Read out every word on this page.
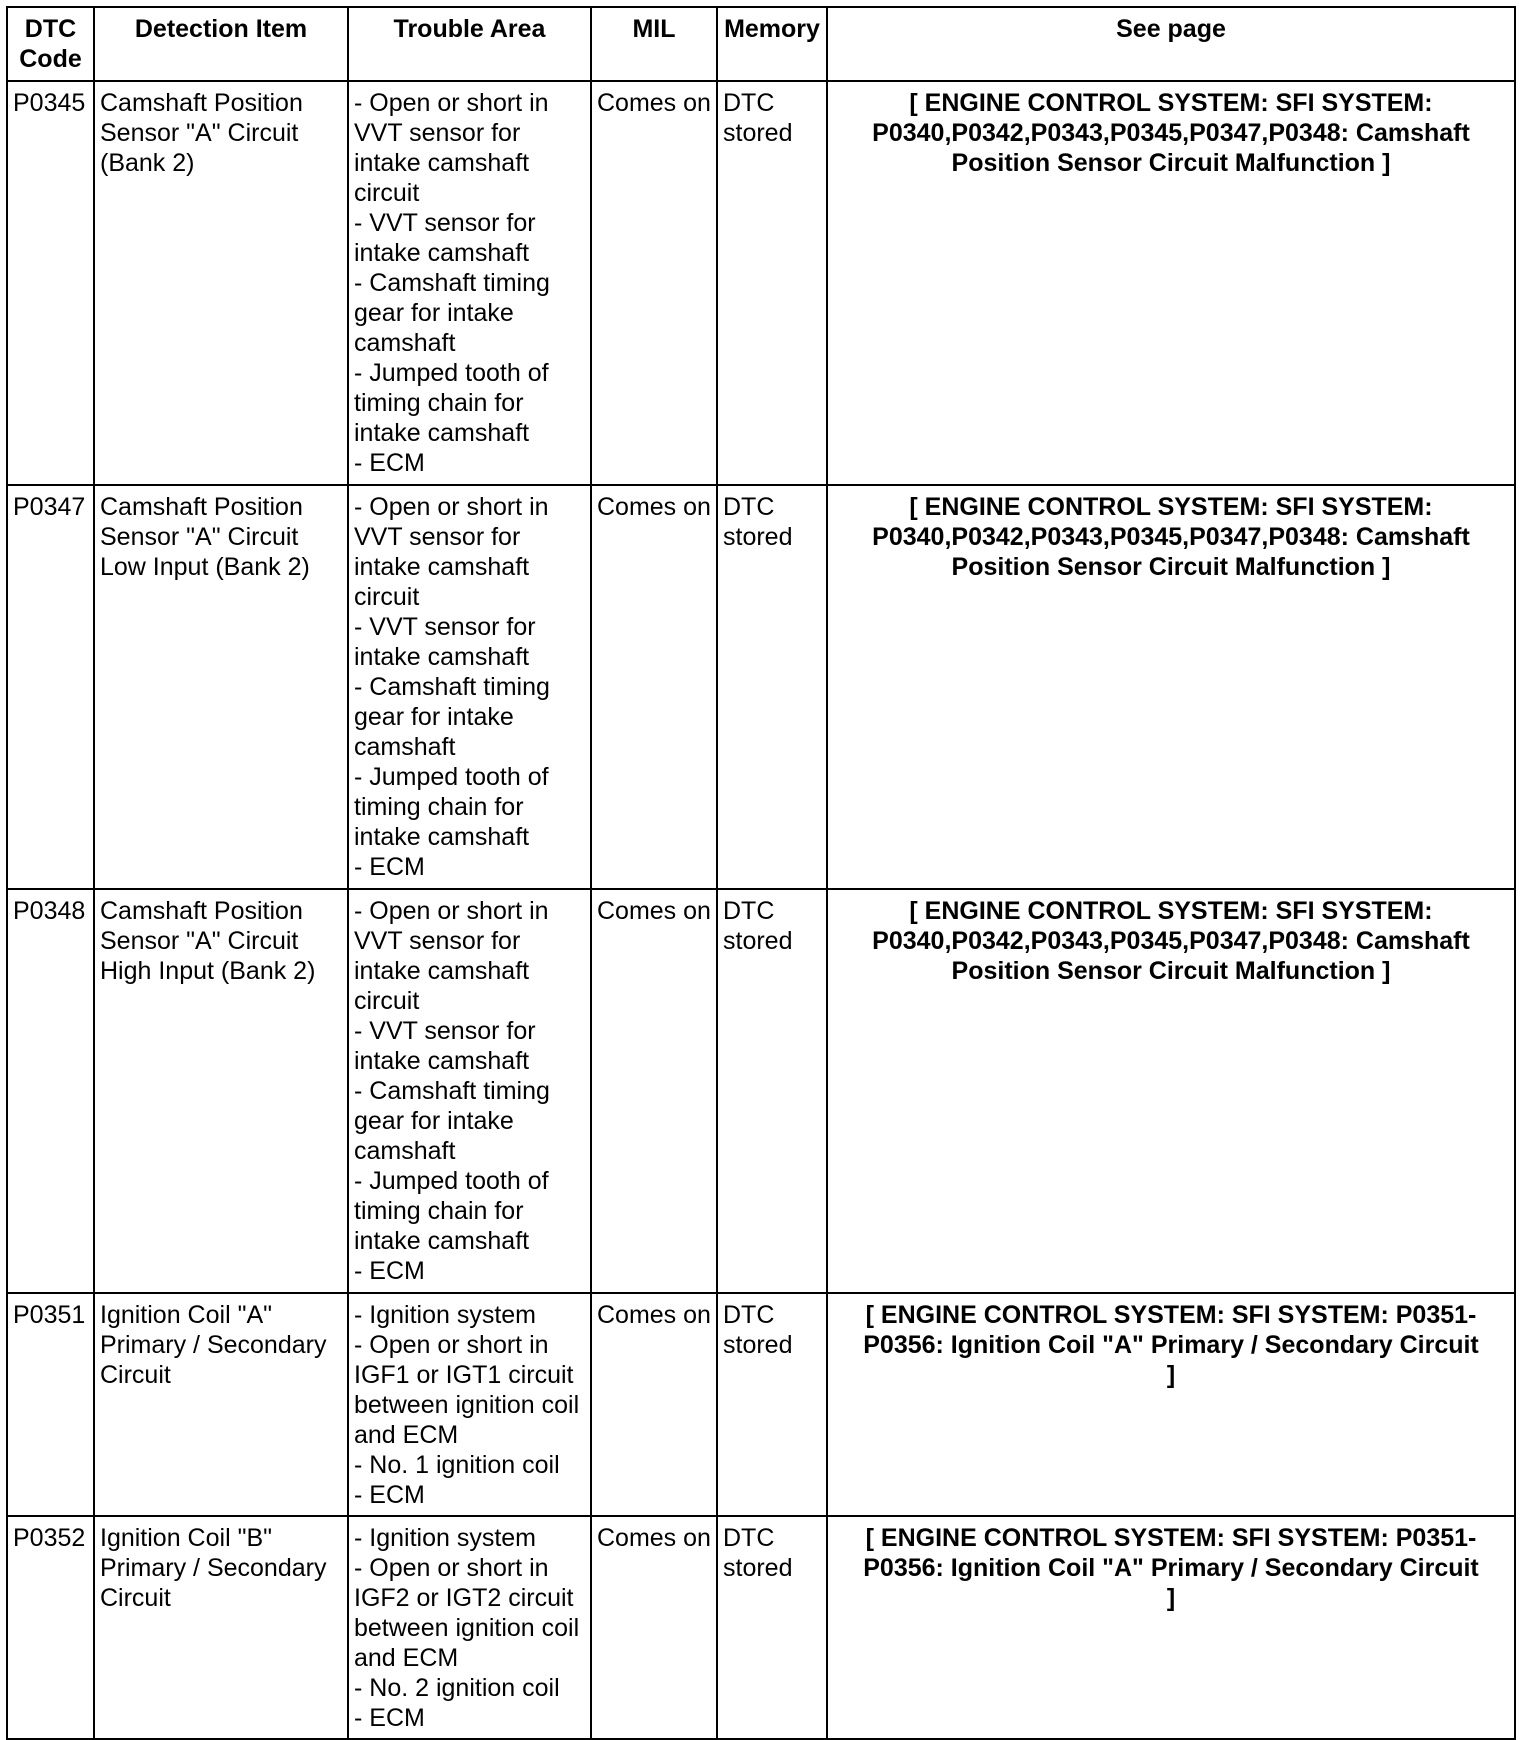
DTC Code	Detection Item	Trouble Area	MIL	Memory	See page
P0345	Camshaft Position Sensor "A" Circuit (Bank 2)	- Open or short in VVT sensor for intake camshaft circuit
- VVT sensor for intake camshaft
- Camshaft timing gear for intake camshaft
- Jumped tooth of timing chain for intake camshaft
- ECM	Comes on	DTC stored	[ ENGINE CONTROL SYSTEM: SFI SYSTEM: P0340,P0342,P0343,P0345,P0347,P0348: Camshaft Position Sensor Circuit Malfunction ]
P0347	Camshaft Position Sensor "A" Circuit Low Input (Bank 2)	- Open or short in VVT sensor for intake camshaft circuit
- VVT sensor for intake camshaft
- Camshaft timing gear for intake camshaft
- Jumped tooth of timing chain for intake camshaft
- ECM	Comes on	DTC stored	[ ENGINE CONTROL SYSTEM: SFI SYSTEM: P0340,P0342,P0343,P0345,P0347,P0348: Camshaft Position Sensor Circuit Malfunction ]
P0348	Camshaft Position Sensor "A" Circuit High Input (Bank 2)	- Open or short in VVT sensor for intake camshaft circuit
- VVT sensor for intake camshaft
- Camshaft timing gear for intake camshaft
- Jumped tooth of timing chain for intake camshaft
- ECM	Comes on	DTC stored	[ ENGINE CONTROL SYSTEM: SFI SYSTEM: P0340,P0342,P0343,P0345,P0347,P0348: Camshaft Position Sensor Circuit Malfunction ]
P0351	Ignition Coil "A" Primary / Secondary Circuit	- Ignition system
- Open or short in IGF1 or IGT1 circuit between ignition coil and ECM
- No. 1 ignition coil
- ECM	Comes on	DTC stored	[ ENGINE CONTROL SYSTEM: SFI SYSTEM: P0351-P0356: Ignition Coil "A" Primary / Secondary Circuit ]
P0352	Ignition Coil "B" Primary / Secondary Circuit	- Ignition system
- Open or short in IGF2 or IGT2 circuit between ignition coil and ECM
- No. 2 ignition coil
- ECM	Comes on	DTC stored	[ ENGINE CONTROL SYSTEM: SFI SYSTEM: P0351-P0356: Ignition Coil "A" Primary / Secondary Circuit ]
